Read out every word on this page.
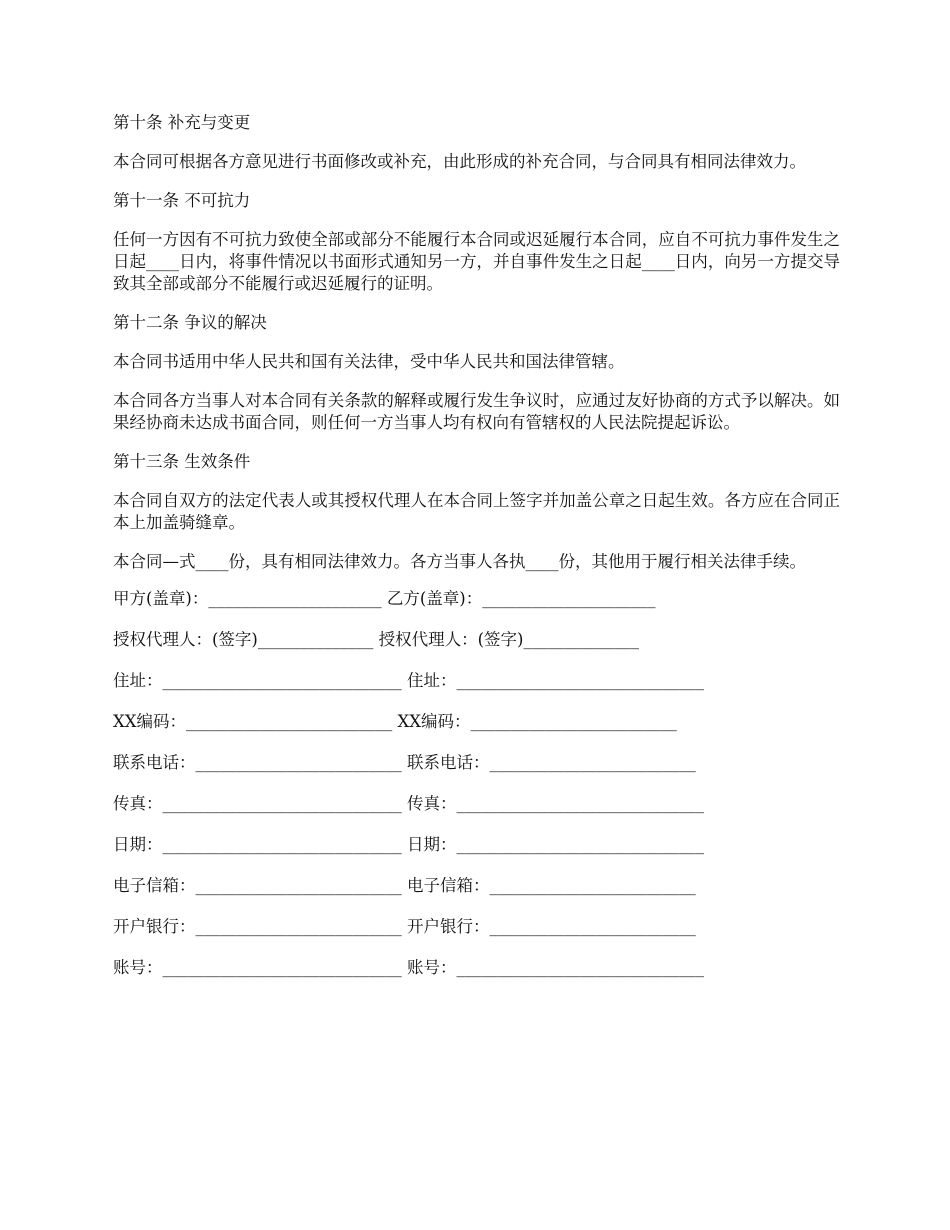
第十条 补充与变更
本合同可根据各方意见进行书面修改或补充，由此形成的补充合同，与合同具有相同法律效力。
第十一条 不可抗力
任何一方因有不可抗力致使全部或部分不能履行本合同或迟延履行本合同，应自不可抗力事件发生之日起____日内，将事件情况以书面形式通知另一方，并自事件发生之日起____日内，向另一方提交导致其全部或部分不能履行或迟延履行的证明。
第十二条 争议的解决
本合同书适用中华人民共和国有关法律，受中华人民共和国法律管辖。
本合同各方当事人对本合同有关条款的解释或履行发生争议时，应通过友好协商的方式予以解决。如果经协商未达成书面合同，则任何一方当事人均有权向有管辖权的人民法院提起诉讼。
第十三条 生效条件
本合同自双方的法定代表人或其授权代理人在本合同上签字并加盖公章之日起生效。各方应在合同正本上加盖骑缝章。
本合同—式____份，具有相同法律效力。各方当事人各执____份，其他用于履行相关法律手续。
甲方(盖章)：_____________________ 乙方(盖章)：_____________________
授权代理人：(签字)______________ 授权代理人：(签字)______________
住址：_____________________________ 住址：______________________________
XX编码：_________________________ XX编码：_________________________
联系电话：_________________________ 联系电话：_________________________
传真：_____________________________ 传真：______________________________
日期：_____________________________ 日期：______________________________
电子信箱：_________________________ 电子信箱：_________________________
开户银行：_________________________ 开户银行：_________________________
账号：_____________________________ 账号：______________________________
